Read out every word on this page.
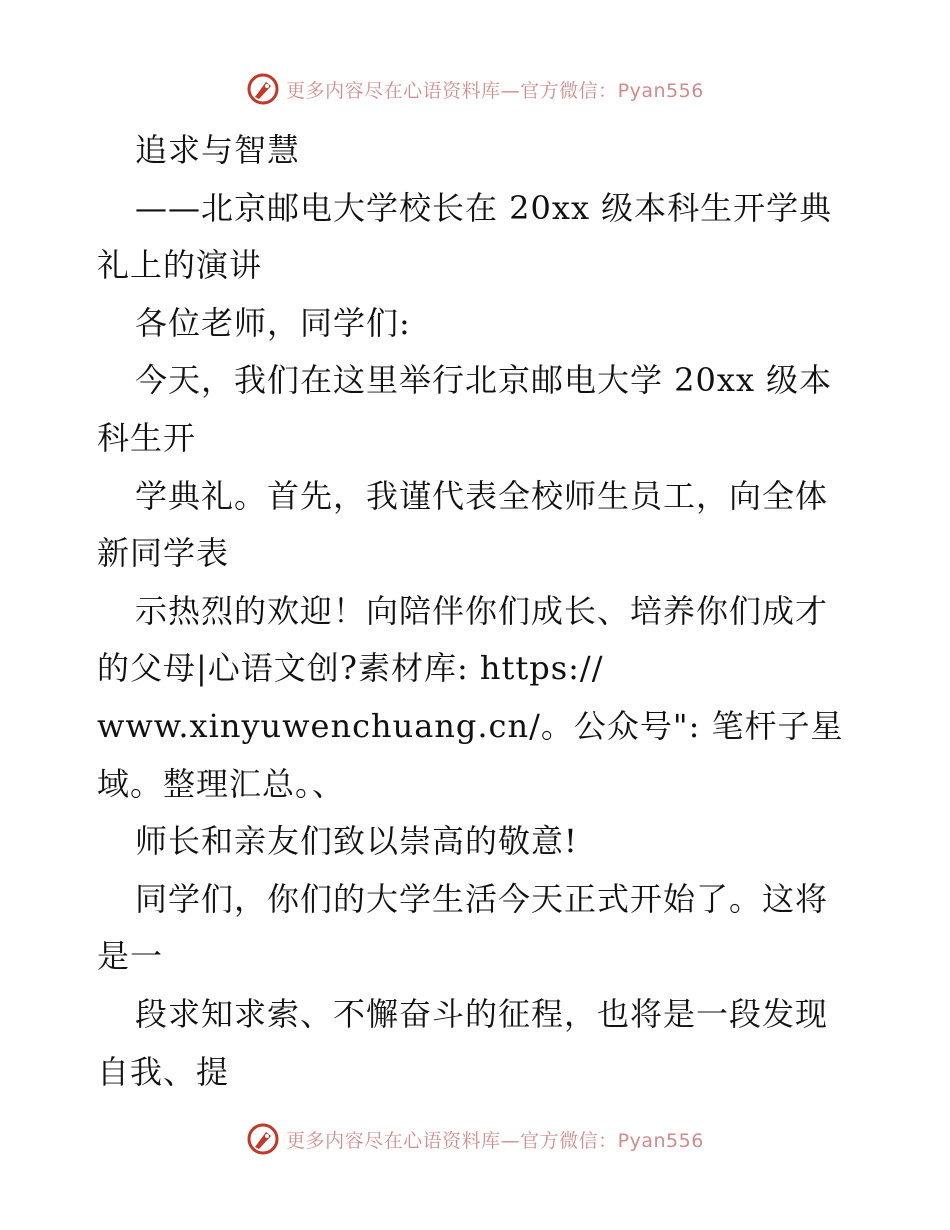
更多内容尽在心语资料库—官方微信：Pyan556
追求与智慧
——北京邮电大学校长在 20xx 级本科生开学典
礼上的演讲
各位老师，同学们:
今天，我们在这里举行北京邮电大学 20xx 级本
科生开
学典礼。首先，我谨代表全校师生员工，向全体
新同学表
示热烈的欢迎！向陪伴你们成长、培养你们成才
的父母|心语文创?素材库: https://
www.xinyuwenchuang.cn/。公众号": 笔杆子星
域。整理汇总。、
师长和亲友们致以崇高的敬意!
同学们，你们的大学生活今天正式开始了。这将
是一
段求知求索、不懈奋斗的征程，也将是一段发现
自我、提
更多内容尽在心语资料库—官方微信：Pyan556
